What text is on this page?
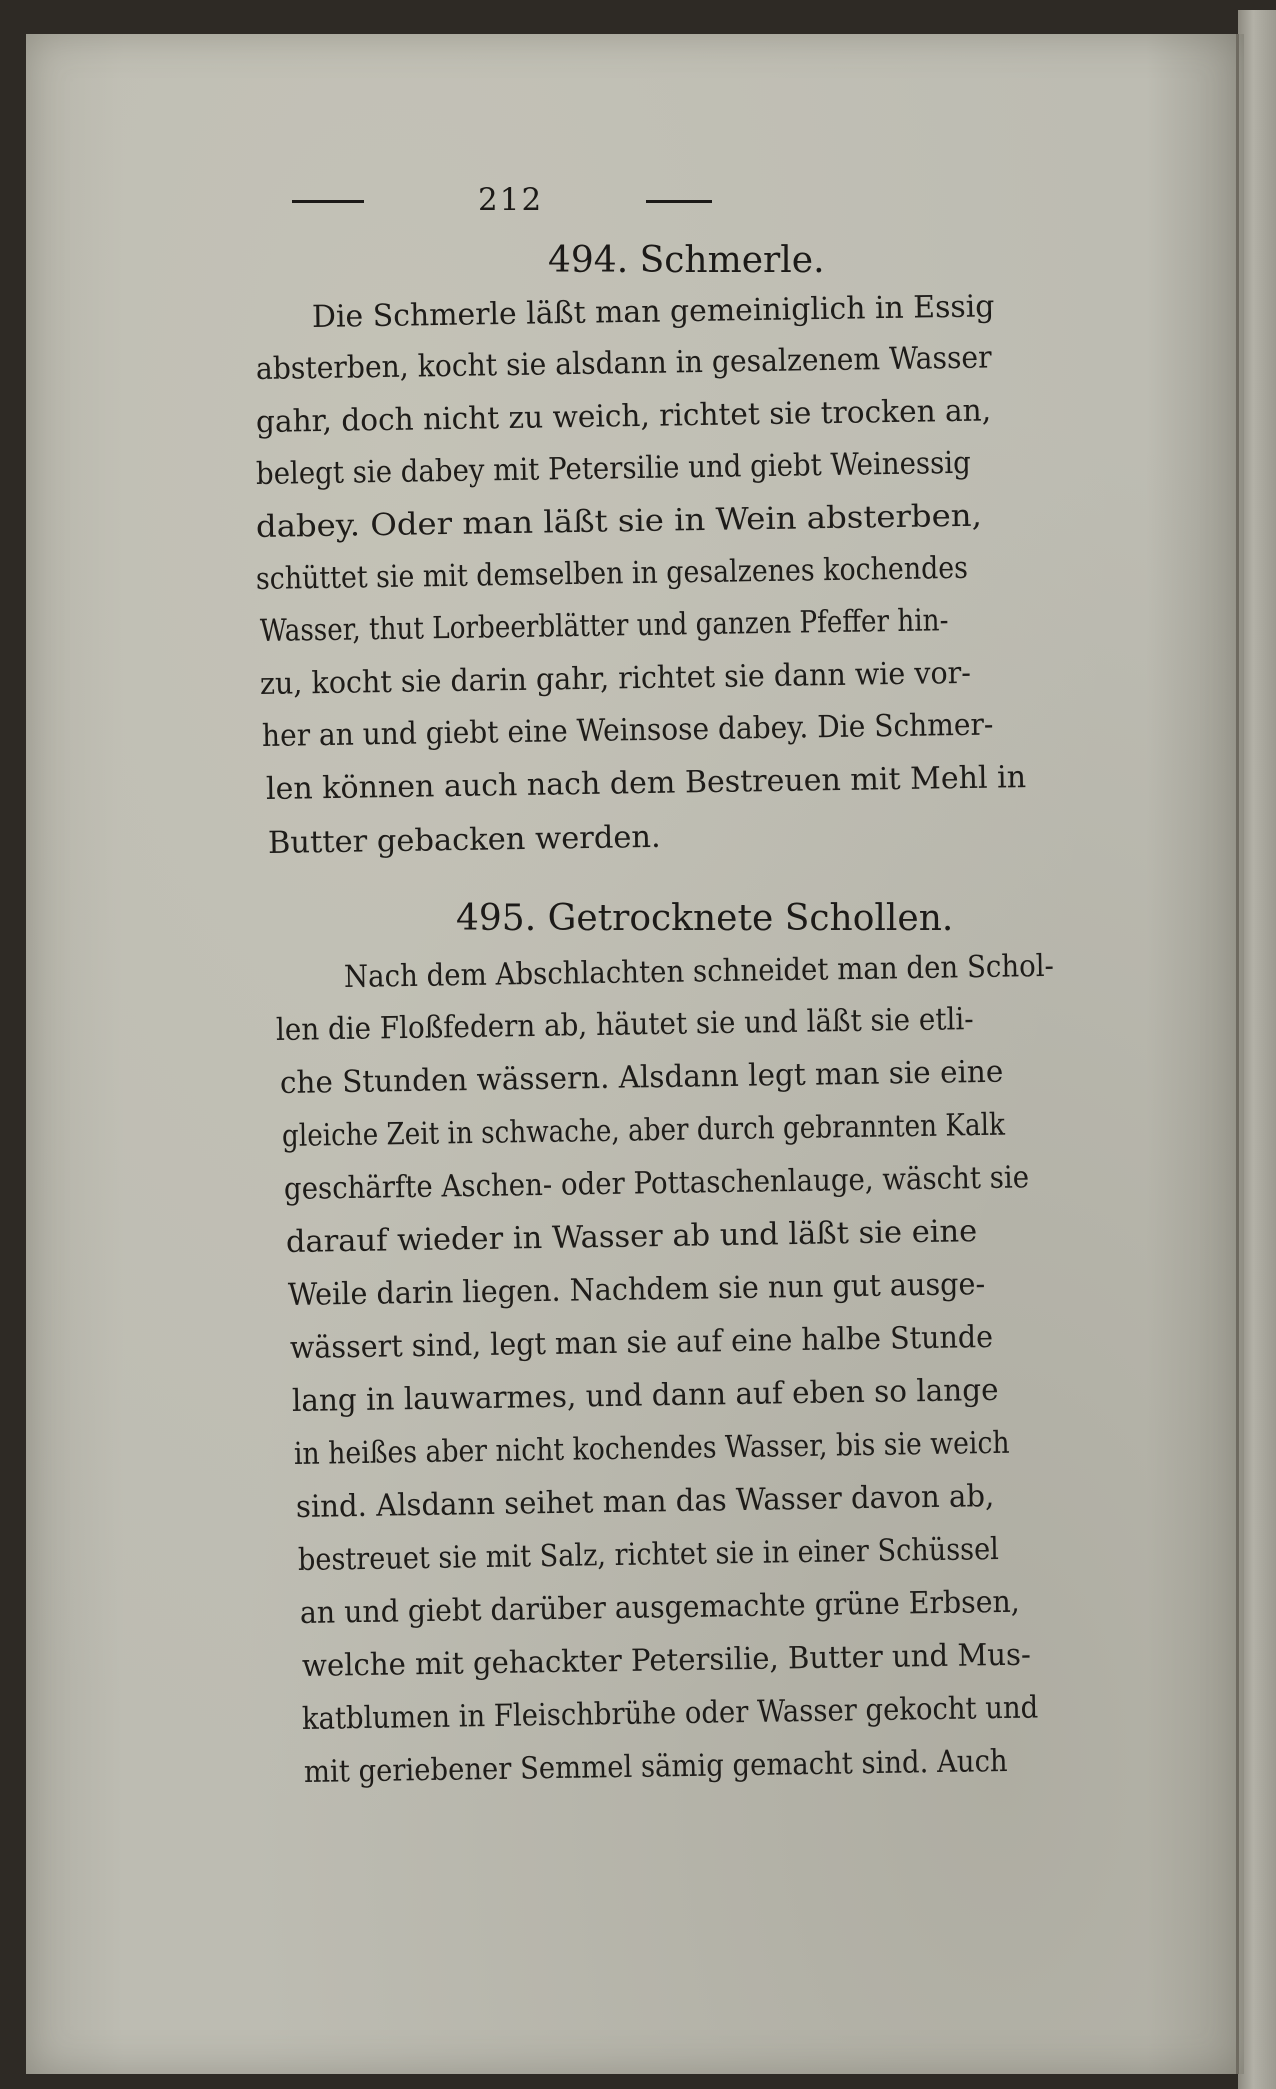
212
494. Schmerle.
Die Schmerle läßt man gemeiniglich in Essig
absterben, kocht sie alsdann in gesalzenem Wasser
gahr, doch nicht zu weich, richtet sie trocken an,
belegt sie dabey mit Petersilie und giebt Weinessig
dabey. Oder man läßt sie in Wein absterben,
schüttet sie mit demselben in gesalzenes kochendes
Wasser, thut Lorbeerblätter und ganzen Pfeffer hin-
zu, kocht sie darin gahr, richtet sie dann wie vor-
her an und giebt eine Weinsose dabey. Die Schmer-
len können auch nach dem Bestreuen mit Mehl in
Butter gebacken werden.
495. Getrocknete Schollen.
Nach dem Abschlachten schneidet man den Schol-
len die Floßfedern ab, häutet sie und läßt sie etli-
che Stunden wässern. Alsdann legt man sie eine
gleiche Zeit in schwache, aber durch gebrannten Kalk
geschärfte Aschen- oder Pottaschenlauge, wäscht sie
darauf wieder in Wasser ab und läßt sie eine
Weile darin liegen. Nachdem sie nun gut ausge-
wässert sind, legt man sie auf eine halbe Stunde
lang in lauwarmes, und dann auf eben so lange
in heißes aber nicht kochendes Wasser, bis sie weich
sind. Alsdann seihet man das Wasser davon ab,
bestreuet sie mit Salz, richtet sie in einer Schüssel
an und giebt darüber ausgemachte grüne Erbsen,
welche mit gehackter Petersilie, Butter und Mus-
katblumen in Fleischbrühe oder Wasser gekocht und
mit geriebener Semmel sämig gemacht sind. Auch
